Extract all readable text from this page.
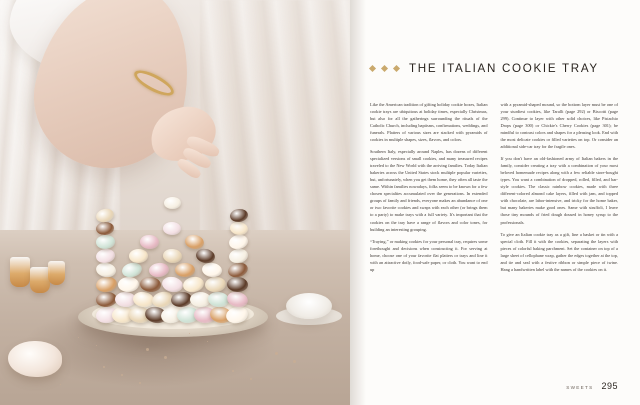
THE ITALIAN COOKIE TRAY

Like the American tradition of gifting holiday cookie boxes, Italian cookie trays are ubiquitous at holiday times, especially Christmas, but also for all the gatherings surrounding the rituals of the Catholic Church, including baptisms, confirmations, weddings, and funerals. Platters of various sizes are stacked with pyramids of cookies in multiple shapes, sizes, flavors, and colors.

Southern Italy, especially around Naples, has dozens of different specialized versions of small cookies, and many treasured recipes traveled to the New World with the arriving families. Today Italian bakeries across the United States stock multiple popular varieties, but, unfortunately, when you get them home, they often all taste the same. Within families nowadays, folks seem to be known for a few chosen specialties accumulated over the generations. In extended groups of family and friends, everyone makes an abundance of one or two favorite cookies and swaps with each other (or brings them to a party) to make trays with a full variety. It's important that the cookies on the tray have a range of flavors and color tones, for building an interesting grouping.

“Traying,” or making cookies for your personal tray, requires some forethought and decisions when constructing it. For serving at home, choose one of your favorite flat platters or trays and line it with an attractive doily, food-safe paper, or cloth. You want to end up

with a pyramid-shaped mound, so the bottom layer must be one of your sturdiest cookies, like Taralli (page 292) or Biscotti (page 299). Continue to layer with other solid choices, like Pistachio Drops (page 300) or Chickie's Cherry Cookies (page 301); be mindful to contrast colors and shapes for a pleasing look. End with the most delicate cookies or filled varieties on top. Or consider an additional side-car tray for the fragile ones.

If you don't have an old-fashioned army of Italian bakers in the family, consider creating a tray with a combination of your most beloved homemade recipes along with a few reliable store-bought types. You want a combination of dropped, rolled, filled, and bar-style cookies. The classic rainbow cookies, made with three different-colored almond cake layers, filled with jam, and topped with chocolate, are labor-intensive, and tricky for the home baker, but many bakeries make good ones. Same with struffoli, I leave those tiny mounds of fried dough doused in honey syrup to the professionals.

To give an Italian cookie tray as a gift, line a basket or tin with a special cloth. Fill it with the cookies, separating the layers with pieces of colorful baking parchment. Set the container on top of a large sheet of cellophane wrap, gather the edges together at the top, and tie and seal with a festive ribbon or simple piece of twine. Hang a handwritten label with the names of the cookies on it.

SWEETS 295
